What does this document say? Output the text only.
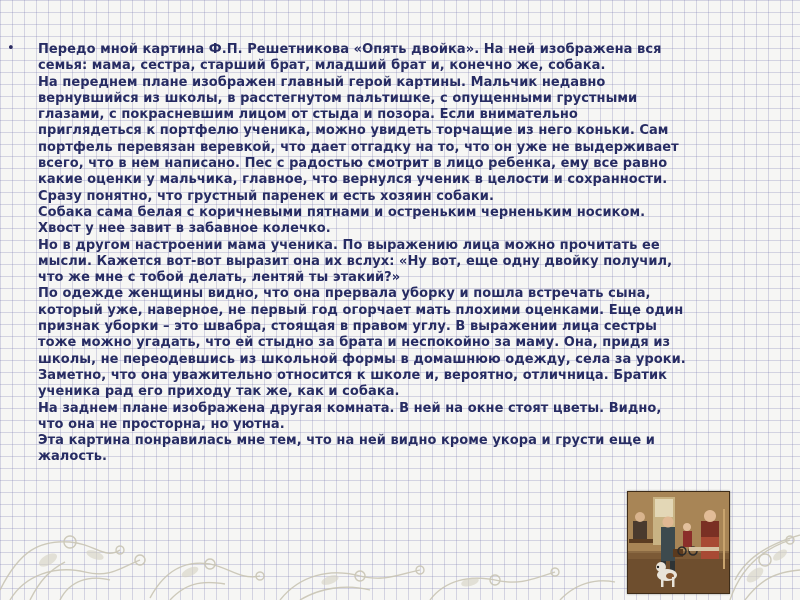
• Передо мной картина Ф.П. Решетникова «Опять двойка». На ней изображена вся
семья: мама, сестра, старший брат, младший брат и, конечно же, собака.
На переднем плане изображен главный герой картины. Мальчик недавно
вернувшийся из школы, в расстегнутом пальтишке, с опущенными грустными
глазами, с покрасневшим лицом от стыда и позора. Если внимательно
приглядеться к портфелю ученика, можно увидеть торчащие из него коньки. Сам
портфель перевязан веревкой, что дает отгадку на то, что он уже не выдерживает
всего, что в нем написано. Пес с радостью смотрит в лицо ребенка, ему все равно
какие оценки у мальчика, главное, что вернулся ученик в целости и сохранности.
Сразу понятно, что грустный паренек и есть хозяин собаки.
Собака сама белая с коричневыми пятнами и остреньким черненьким носиком.
Хвост у нее завит в забавное колечко.
Но в другом настроении мама ученика. По выражению лица можно прочитать ее
мысли. Кажется вот-вот выразит она их вслух: «Ну вот, еще одну двойку получил,
что же мне с тобой делать, лентяй ты этакий?»
По одежде женщины видно, что она прервала уборку и пошла встречать сына,
который уже, наверное, не первый год огорчает мать плохими оценками. Еще один
признак уборки – это швабра, стоящая в правом углу. В выражении лица сестры
тоже можно угадать, что ей стыдно за брата и неспокойно за маму. Она, придя из
школы, не переодевшись из школьной формы в домашнюю одежду, села за уроки.
Заметно, что она уважительно относится к школе и, вероятно, отличница. Братик
ученика рад его приходу так же, как и собака.
На заднем плане изображена другая комната. В ней на окне стоят цветы. Видно,
что она не просторна, но уютна.
Эта картина понравилась мне тем, что на ней видно кроме укора и грусти еще и
жалость.
